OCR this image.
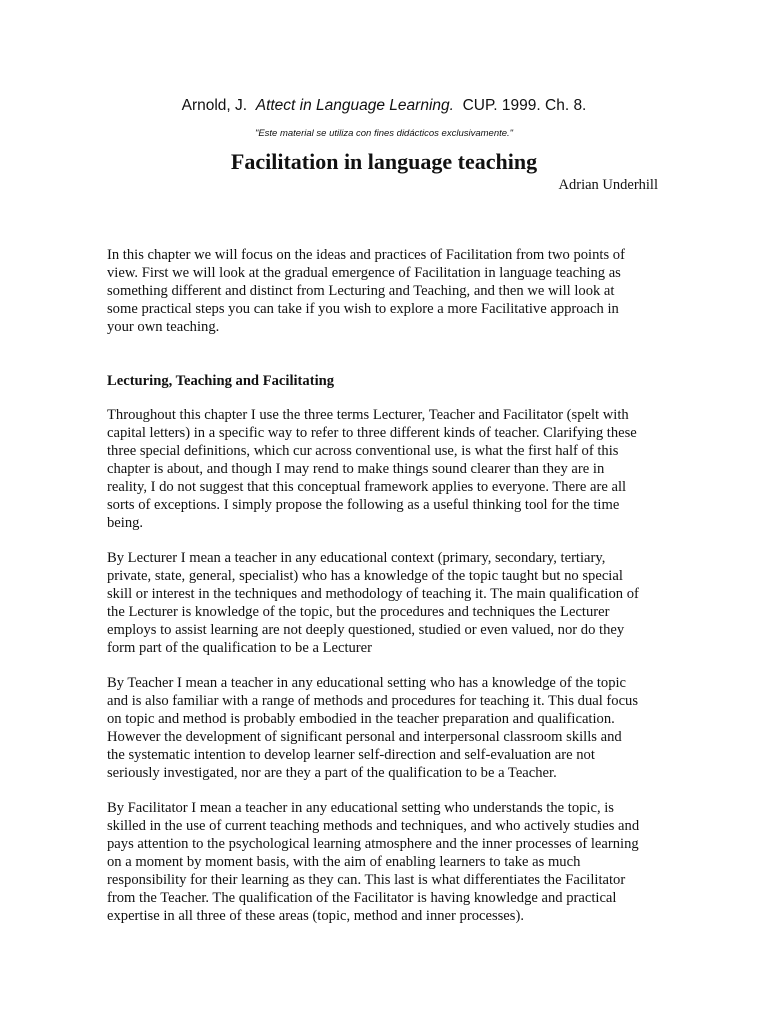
Arnold, J. Attect in Language Learning. CUP. 1999. Ch. 8.
"Este material se utiliza con fines didácticos exclusivamente."
Facilitation in language teaching
Adrian Underhill
In this chapter we will focus on the ideas and practices of Facilitation from two points of
view. First we will look at the gradual emergence of Facilitation in language teaching as
something different and distinct from Lecturing and Teaching, and then we will look at
some practical steps you can take if you wish to explore a more Facilitative approach in
your own teaching.
Lecturing, Teaching and Facilitating
Throughout this chapter I use the three terms Lecturer, Teacher and Facilitator (spelt with
capital letters) in a specific way to refer to three different kinds of teacher. Clarifying these
three special definitions, which cur across conventional use, is what the first half of this
chapter is about, and though I may rend to make things sound clearer than they are in
reality, I do not suggest that this conceptual framework applies to everyone. There are all
sorts of exceptions. I simply propose the following as a useful thinking tool for the time
being.
By Lecturer I mean a teacher in any educational context (primary, secondary, tertiary,
private, state, general, specialist) who has a knowledge of the topic taught but no special
skill or interest in the techniques and methodology of teaching it. The main qualification of
the Lecturer is knowledge of the topic, but the procedures and techniques the Lecturer
employs to assist learning are not deeply questioned, studied or even valued, nor do they
form part of the qualification to be a Lecturer
By Teacher I mean a teacher in any educational setting who has a knowledge of the topic
and is also familiar with a range of methods and procedures for teaching it. This dual focus
on topic and method is probably embodied in the teacher preparation and qualification.
However the development of significant personal and interpersonal classroom skills and
the systematic intention to develop learner self-direction and self-evaluation are not
seriously investigated, nor are they a part of the qualification to be a Teacher.
By Facilitator I mean a teacher in any educational setting who understands the topic, is
skilled in the use of current teaching methods and techniques, and who actively studies and
pays attention to the psychological learning atmosphere and the inner processes of learning
on a moment by moment basis, with the aim of enabling learners to take as much
responsibility for their learning as they can. This last is what differentiates the Facilitator
from the Teacher. The qualification of the Facilitator is having knowledge and practical
expertise in all three of these areas (topic, method and inner processes).
